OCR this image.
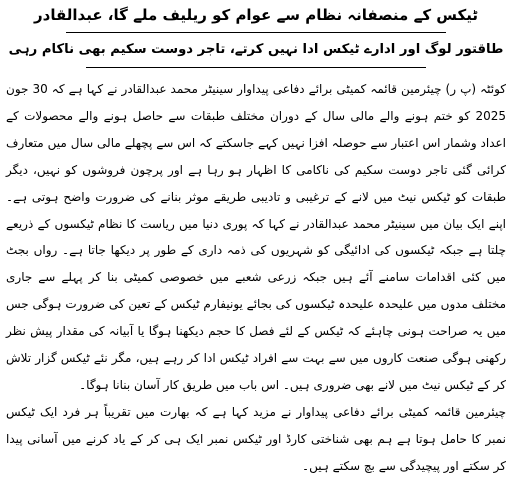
ٹیکس کے منصفانہ نظام سے عوام کو ریلیف ملے گا، عبدالقادر
طاقتور لوگ اور ادارے ٹیکس ادا نہیں کرتے، تاجر دوست سکیم بھی ناکام رہی

کوئٹہ (پ ر) چیئرمین قائمہ کمیٹی برائے دفاعی پیداوار سینیٹر محمد عبدالقادر نے کہا ہے کہ 30 جون 2025 کو ختم ہونے والے مالی سال کے دوران مختلف طبقات سے حاصل ہونے والے محصولات کے اعداد وشمار اس اعتبار سے حوصلہ افزا نہیں کہے جاسکتے کہ اس سے پچھلے مالی سال میں متعارف کرائی گئی تاجر دوست سکیم کی ناکامی کا اظہار ہو رہا ہے اور پرچون فروشوں کو نہیں، دیگر طبقات کو ٹیکس نیٹ میں لانے کے ترغیبی و تادیبی طریقے موثر بنانے کی ضرورت واضح ہوتی ہے۔ اپنے ایک بیان میں سینیٹر محمد عبدالقادر نے کہا کہ پوری دنیا میں ریاست کا نظام ٹیکسوں کے ذریعے چلتا ہے جبکہ ٹیکسوں کی ادائیگی کو شہریوں کی ذمہ داری کے طور پر دیکھا جاتا ہے۔ رواں بجٹ میں کئی اقدامات سامنے آئے ہیں جبکہ زرعی شعبے میں خصوصی کمیٹی بنا کر پہلے سے جاری مختلف مدوں میں علیحدہ علیحدہ ٹیکسوں کی بجائے یونیفارم ٹیکس کے تعین کی ضرورت ہوگی جس میں یہ صراحت ہونی چاہئے کہ ٹیکس کے لئے فصل کا حجم دیکھنا ہوگا یا آبیانہ کی مقدار پیش نظر رکھنی ہوگی صنعت کاروں میں سے بہت سے افراد ٹیکس ادا کر رہے ہیں، مگر نئے ٹیکس گزار تلاش کر کے ٹیکس نیٹ میں لانے بھی ضروری ہیں۔ اس باب میں طریق کار آسان بنانا ہوگا۔

چیئرمین قائمہ کمیٹی برائے دفاعی پیداوار نے مزید کہا ہے کہ بھارت میں تقریباً ہر فرد ایک ٹیکس نمبر کا حامل ہوتا ہے ہم بھی شناختی کارڈ اور ٹیکس نمبر ایک ہی کر کے یاد کرنے میں آسانی پیدا کر سکتے اور پیچیدگی سے بچ سکتے ہیں۔
